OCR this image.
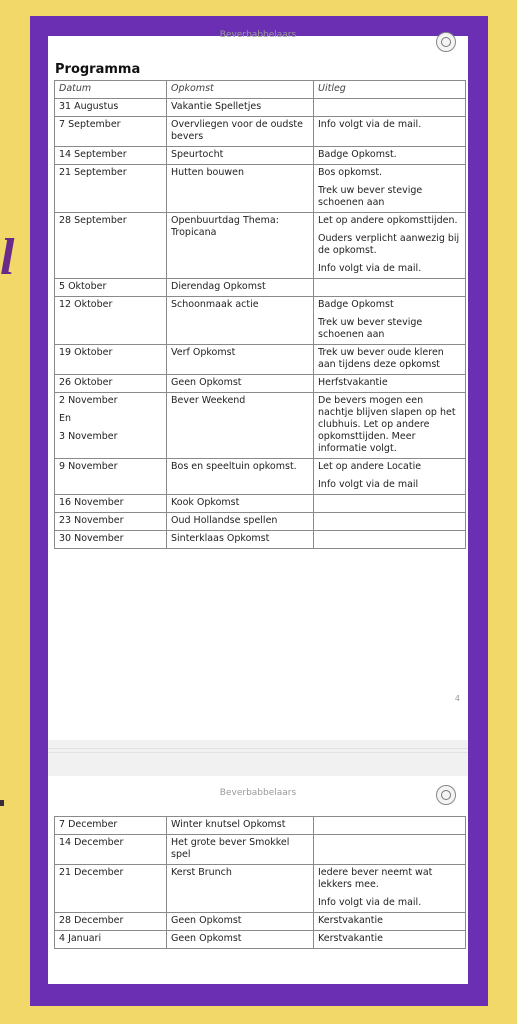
l
Beverbabbelaars
Programma
Datum	Opkomst	Uitleg

31 Augustus	Vakantie Spelletjes	

7 September	Overvliegen voor de oudste bevers	Info volgt via de mail.

14 September	Speurtocht	Badge Opkomst.

21 September	Hutten bouwen	Bos opkomst.
Trek uw bever stevige schoenen aan

28 September	Openbuurtdag Thema: Tropicana	Let op andere opkomsttijden.
Ouders verplicht aanwezig bij de opkomst.
Info volgt via de mail.

5 Oktober	Dierendag Opkomst	

12 Oktober	Schoonmaak actie	Badge Opkomst
Trek uw bever stevige schoenen aan

19 Oktober	Verf Opkomst	Trek uw bever oude kleren aan tijdens deze opkomst

26 Oktober	Geen Opkomst	Herfstvakantie

2 November
En
3 November	Bever Weekend	De bevers mogen een nachtje blijven slapen op het clubhuis. Let op andere opkomsttijden. Meer informatie volgt.

9 November	Bos en speeltuin opkomst.	Let op andere Locatie
Info volgt via de mail

16 November	Kook Opkomst	

23 November	Oud Hollandse spellen	

30 November	Sinterklaas Opkomst	

4
Beverbabbelaars
7 December	Winter knutsel Opkomst	

14 December	Het grote bever Smokkel spel	

21 December	Kerst Brunch	Iedere bever neemt wat lekkers mee.
Info volgt via de mail.

28 December	Geen Opkomst	Kerstvakantie

4 Januari	Geen Opkomst	Kerstvakantie
